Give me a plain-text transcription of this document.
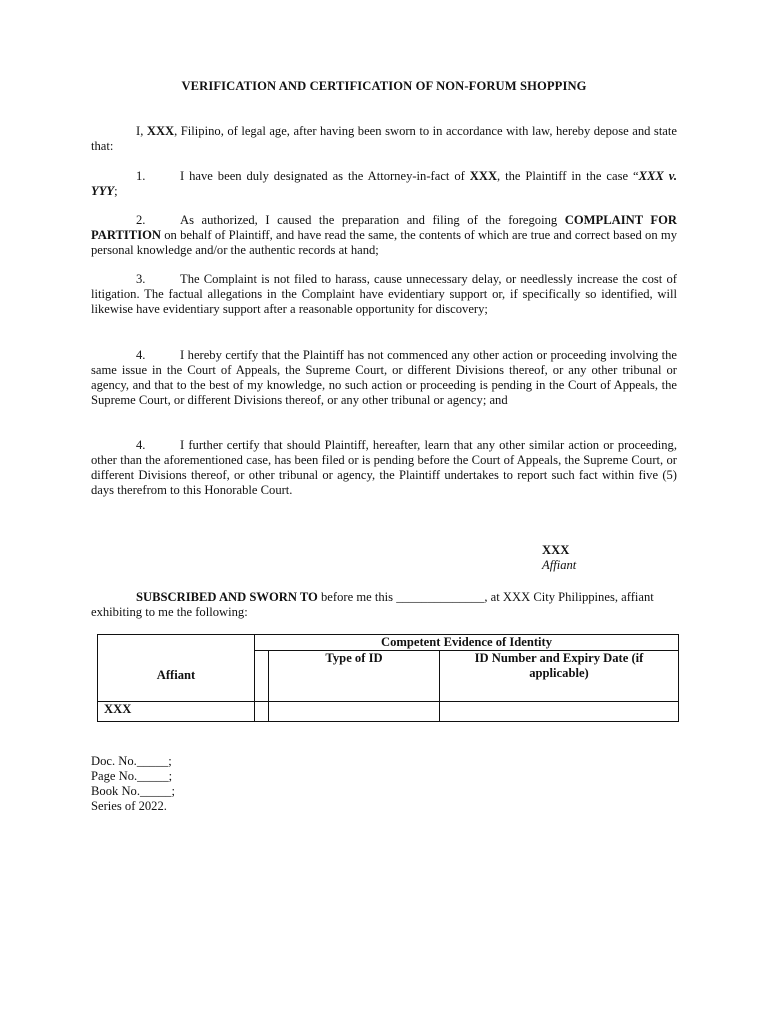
VERIFICATION AND CERTIFICATION OF NON-FORUM SHOPPING

I, XXX, Filipino, of legal age, after having been sworn to in accordance with law, hereby depose and state that:

1.	I have been duly designated as the Attorney-in-fact of XXX, the Plaintiff in the case “XXX v. YYY;

2.	As authorized, I caused the preparation and filing of the foregoing COMPLAINT FOR PARTITION on behalf of Plaintiff, and have read the same, the contents of which are true and correct based on my personal knowledge and/or the authentic records at hand;

3.	The Complaint is not filed to harass, cause unnecessary delay, or needlessly increase the cost of litigation. The factual allegations in the Complaint have evidentiary support or, if specifically so identified, will likewise have evidentiary support after a reasonable opportunity for discovery;

4.	I hereby certify that the Plaintiff has not commenced any other action or proceeding involving the same issue in the Court of Appeals, the Supreme Court, or different Divisions thereof, or any other tribunal or agency, and that to the best of my knowledge, no such action or proceeding is pending in the Court of Appeals, the Supreme Court, or different Divisions thereof, or any other tribunal or agency; and

4.	I further certify that should Plaintiff, hereafter, learn that any other similar action or proceeding, other than the aforementioned case, has been filed or is pending before the Court of Appeals, the Supreme Court, or different Divisions thereof, or other tribunal or agency, the Plaintiff undertakes to report such fact within five (5) days therefrom to this Honorable Court.

XXX
Affiant

SUBSCRIBED AND SWORN TO before me this ______________, at XXX City Philippines, affiant exhibiting to me the following:

Affiant	Competent Evidence of Identity		
		Type of ID	ID Number and Expiry Date (if applicable)
XXX			
Doc. No._____;
Page No._____;
Book No._____;
Series of 2022.
